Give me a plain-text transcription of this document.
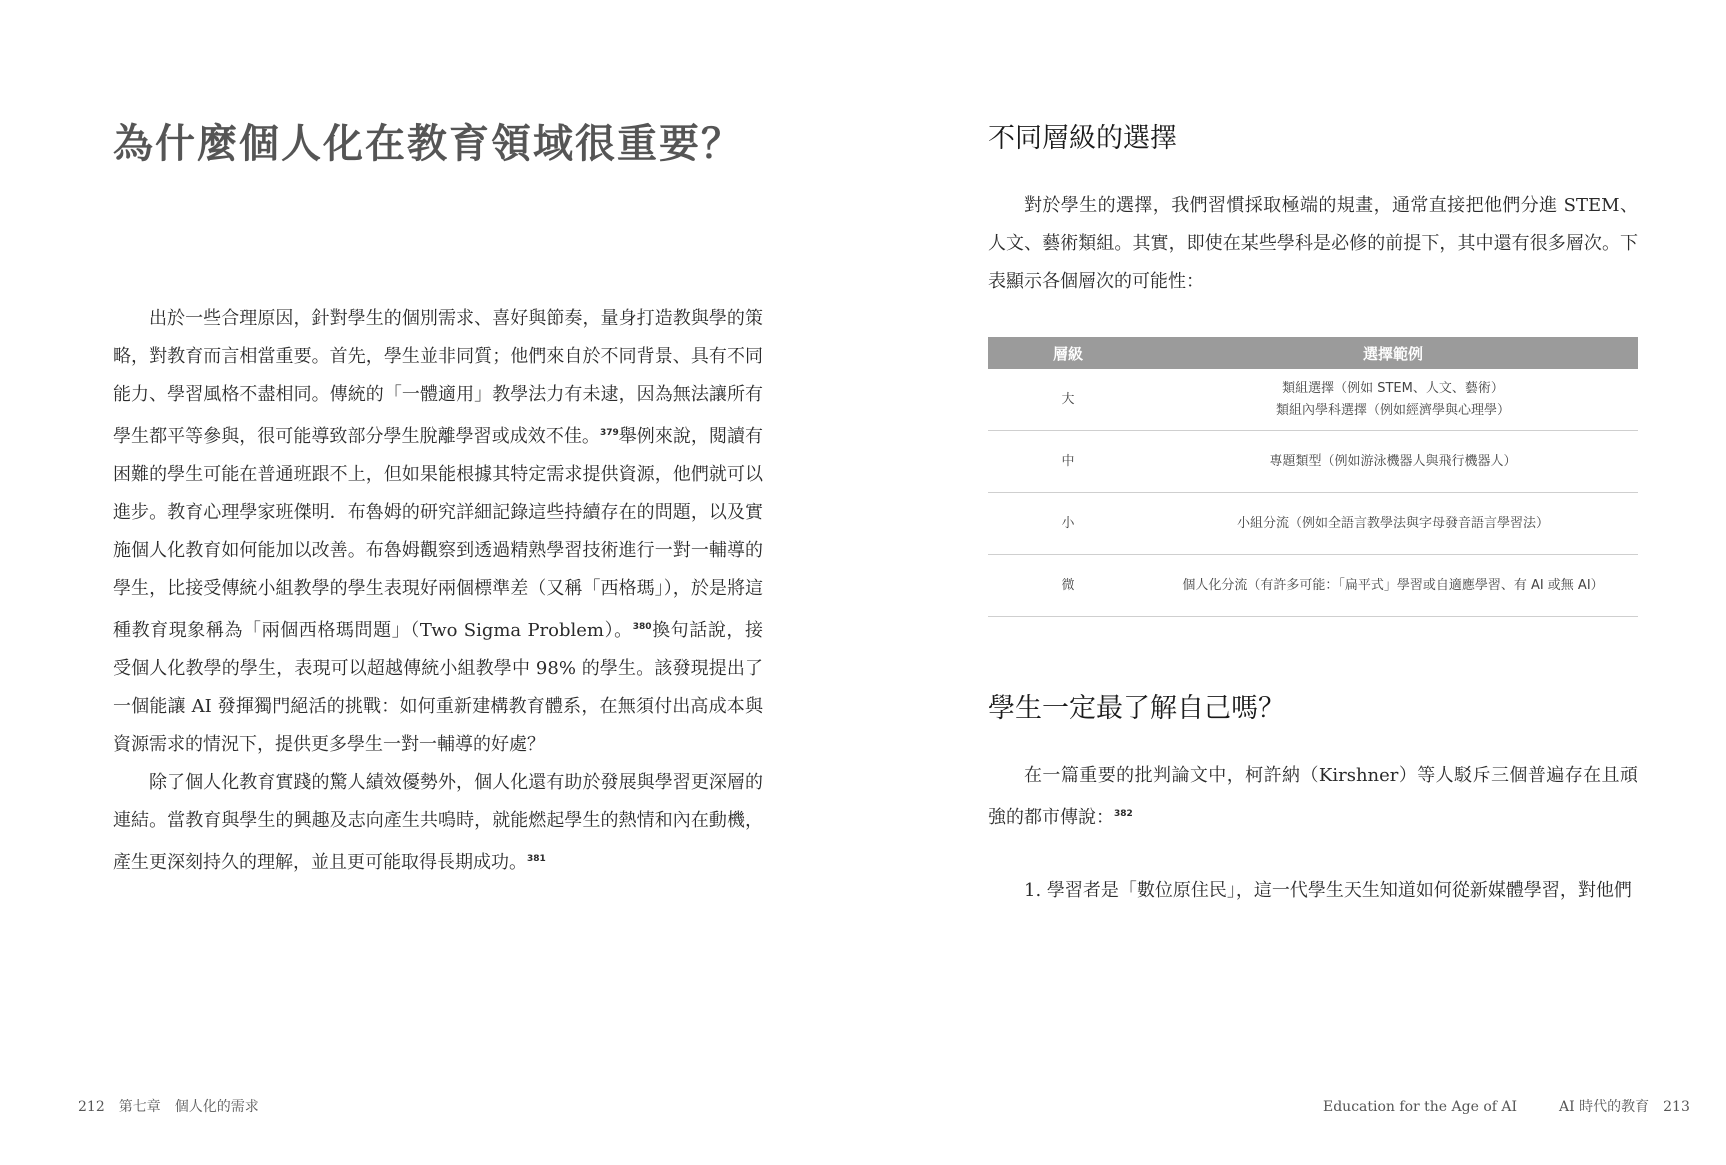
為什麼個人化在教育領域很重要？

出於一些合理原因，針對學生的個別需求、喜好與節奏，量身打造教與學的策略，對教育而言相當重要。首先，學生並非同質；他們來自於不同背景、具有不同能力、學習風格不盡相同。傳統的「一體適用」教學法力有未逮，因為無法讓所有學生都平等參與，很可能導致部分學生脫離學習或成效不佳。$^{379}$舉例來說，閱讀有困難的學生可能在普通班跟不上，但如果能根據其特定需求提供資源，他們就可以進步。教育心理學家班傑明．布魯姆的研究詳細記錄這些持續存在的問題，以及實施個人化教育如何能加以改善。布魯姆觀察到透過精熟學習技術進行一對一輔導的學生，比接受傳統小組教學的學生表現好兩個標準差（又稱「西格瑪」），於是將這種教育現象稱為「兩個西格瑪問題」（Two Sigma Problem）。$^{380}$換句話說，接受個人化教學的學生，表現可以超越傳統小組教學中 98% 的學生。該發現提出了一個能讓 AI 發揮獨門絕活的挑戰：如何重新建構教育體系，在無須付出高成本與資源需求的情況下，提供更多學生一對一輔導的好處？

除了個人化教育實踐的驚人績效優勢外，個人化還有助於發展與學習更深層的連結。當教育與學生的興趣及志向產生共鳴時，就能燃起學生的熱情和內在動機，產生更深刻持久的理解，並且更可能取得長期成功。$^{381}$

212 第七章 個人化的需求

不同層級的選擇

對於學生的選擇，我們習慣採取極端的規畫，通常直接把他們分進 STEM、人文、藝術類組。其實，即使在某些學科是必修的前提下，其中還有很多層次。下表顯示各個層次的可能性：

層級	選擇範例
大	類組選擇（例如 STEM、人文、藝術）
類組內學科選擇（例如經濟學與心理學）

中	專題類型（例如游泳機器人與飛行機器人）
小	小組分流（例如全語言教學法與字母發音語言學習法）
微	個人化分流（有許多可能：「扁平式」學習或自適應學習、有 AI 或無 AI）
學生一定最了解自己嗎？

在一篇重要的批判論文中，柯許納（Kirshner）等人駁斥三個普遍存在且頑強的都市傳說：$^{382}$

1. 學習者是「數位原住民」，這一代學生天生知道如何從新媒體學習，對他們

Education for the Age of AI	AI 時代的教育 213
